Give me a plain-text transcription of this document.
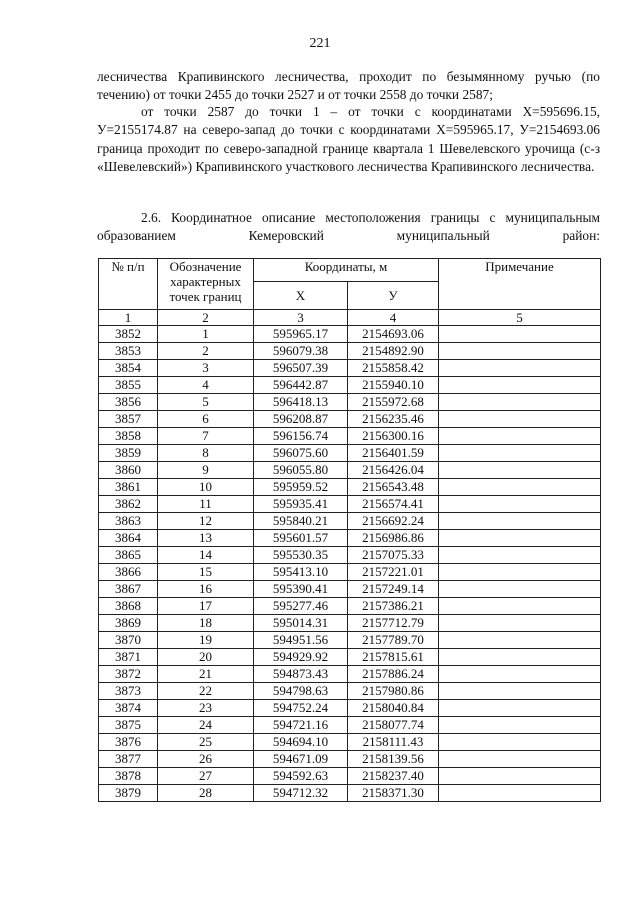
221
лесничества Крапивинского лесничества, проходит по безымянному ручью (по течению) от точки 2455 до точки 2527 и от точки 2558 до точки 2587;
от точки 2587 до точки 1 – от точки с координатами Х=595696.15, У=2155174.87 на северо-запад до точки с координатами Х=595965.17, У=2154693.06 граница проходит по северо-западной границе квартала 1 Шевелевского урочища (с-з «Шевелевский») Крапивинского участкового лесничества Крапивинского лесничества.
2.6. Координатное описание местоположения границы с муниципальным образованием Кемеровский муниципальный район:
№ п/п	Обозначение характерных точек границ	Координаты, м		Примечание
		Х	У	
1	2	3	4	5
3852	1	595965.17	2154693.06	
3853	2	596079.38	2154892.90	
3854	3	596507.39	2155858.42	
3855	4	596442.87	2155940.10	
3856	5	596418.13	2155972.68	
3857	6	596208.87	2156235.46	
3858	7	596156.74	2156300.16	
3859	8	596075.60	2156401.59	
3860	9	596055.80	2156426.04	
3861	10	595959.52	2156543.48	
3862	11	595935.41	2156574.41	
3863	12	595840.21	2156692.24	
3864	13	595601.57	2156986.86	
3865	14	595530.35	2157075.33	
3866	15	595413.10	2157221.01	
3867	16	595390.41	2157249.14	
3868	17	595277.46	2157386.21	
3869	18	595014.31	2157712.79	
3870	19	594951.56	2157789.70	
3871	20	594929.92	2157815.61	
3872	21	594873.43	2157886.24	
3873	22	594798.63	2157980.86	
3874	23	594752.24	2158040.84	
3875	24	594721.16	2158077.74	
3876	25	594694.10	2158111.43	
3877	26	594671.09	2158139.56	
3878	27	594592.63	2158237.40	
3879	28	594712.32	2158371.30	
